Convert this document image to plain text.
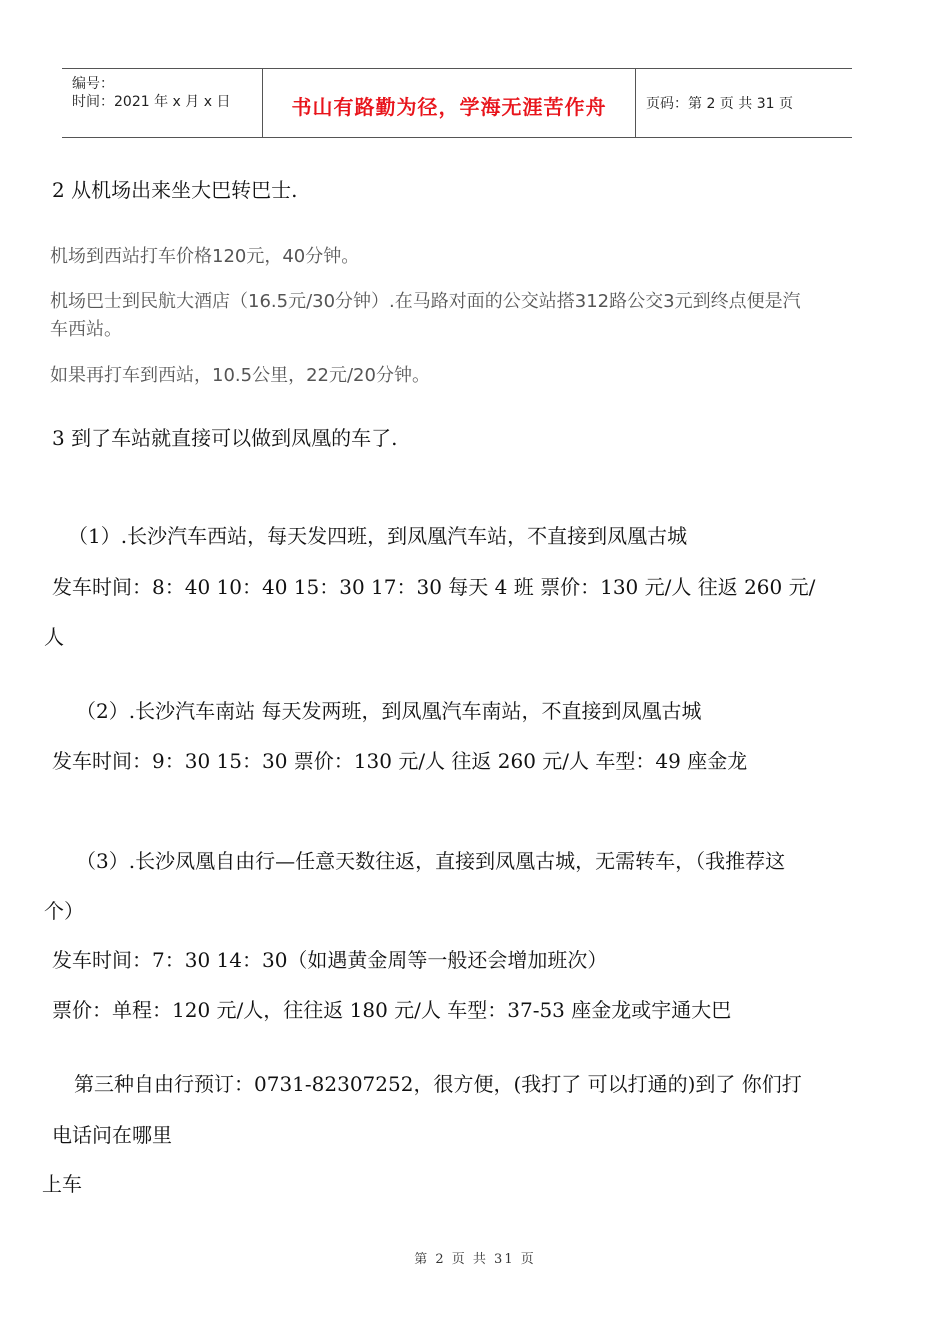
编号：
时间：2021 年 x 月 x 日	书山有路勤为径，学海无涯苦作舟	页码：第 2 页 共 31 页
2 从机场出来坐大巴转巴士.
机场到西站打车价格120元，40分钟。
机场巴士到民航大酒店（16.5元/30分钟）.在马路对面的公交站搭312路公交3元到终点便是汽
车西站。
如果再打车到西站，10.5公里，22元/20分钟。
3 到了车站就直接可以做到凤凰的车了.
（1）.长沙汽车西站，每天发四班，到凤凰汽车站，不直接到凤凰古城
发车时间：8：40 10：40 15：30 17：30 每天 4 班 票价：130 元/人 往返 260 元/
人
（2）.长沙汽车南站 每天发两班，到凤凰汽车南站，不直接到凤凰古城
发车时间：9：30 15：30 票价：130 元/人 往返 260 元/人 车型：49 座金龙
（3）.长沙凤凰自由行—任意天数往返，直接到凤凰古城，无需转车，（我推荐这
个）
发车时间：7：30 14：30（如遇黄金周等一般还会增加班次）
票价：单程：120 元/人，往往返 180 元/人 车型：37-53 座金龙或宇通大巴
第三种自由行预订：0731-82307252，很方便，(我打了 可以打通的)到了 你们打
电话问在哪里
上车
第 2 页 共 31 页
